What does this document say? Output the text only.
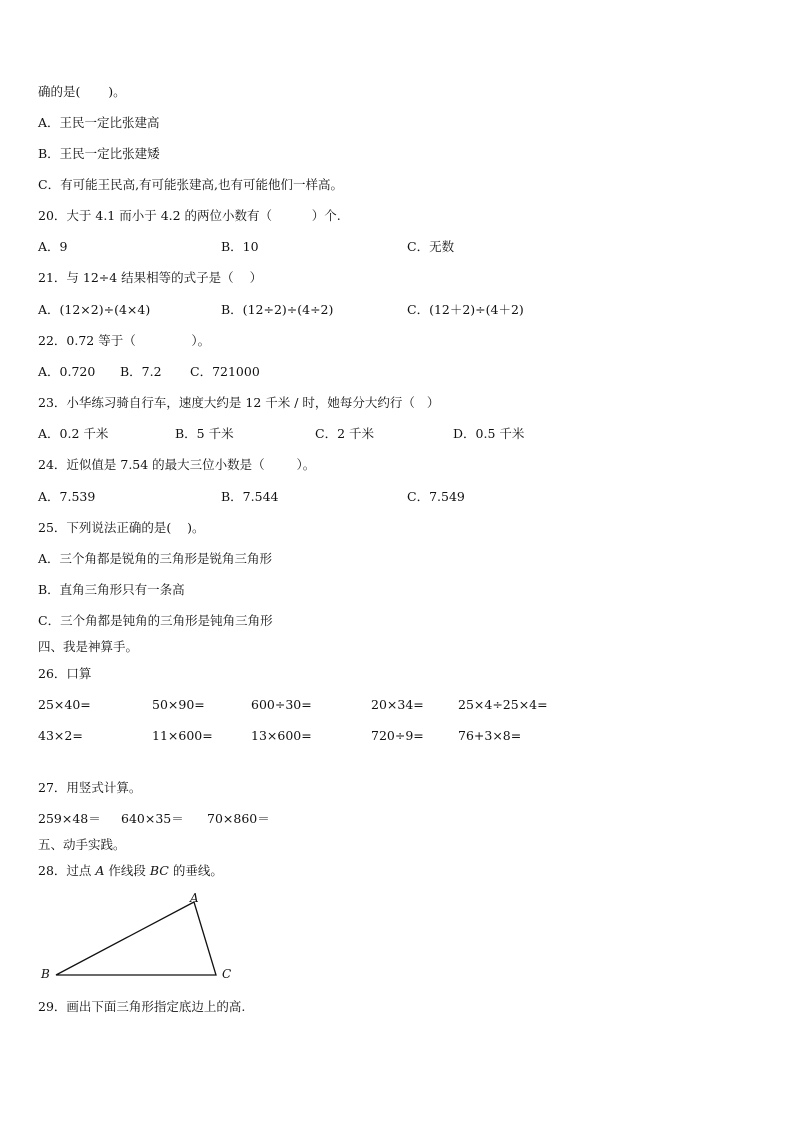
确的是(       )。
A．王民一定比张建高
B．王民一定比张建矮
C．有可能王民高,有可能张建高,也有可能他们一样高。
20．大于 4.1 而小于 4.2 的两位小数有（          ）个.
A．9	B．10	C．无数
21．与 12÷4 结果相等的式子是（    ）
A．(12×2)÷(4×4)	B．(12÷2)÷(4÷2)	C．(12＋2)÷(4＋2)
22．0.72 等于（              ）。
A．0.720 B．7.2 C．721000
23．小华练习骑自行车，速度大约是 12 千米 / 时，她每分大约行（   ）
A．0.2 千米	B．5 千米	C．2 千米	D．0.5 千米
24．近似值是 7.54 的最大三位小数是（        ）。
A．7.539	B．7.544	C．7.549
25．下列说法正确的是(    )。
A．三个角都是锐角的三角形是锐角三角形
B．直角三角形只有一条高
C．三个角都是钝角的三角形是钝角三角形
四、我是神算手。
26．口算
25×40=	50×90=	600÷30=	20×34=	25×4÷25×4=
43×2=	11×600=	13×600=	720÷9=	76+3×8=
27．用竖式计算。
259×48＝ 640×35＝ 70×860＝
五、动手实践。
28．过点 A 作线段 BC 的垂线。
A
B	C
29．画出下面三角形指定底边上的高.
